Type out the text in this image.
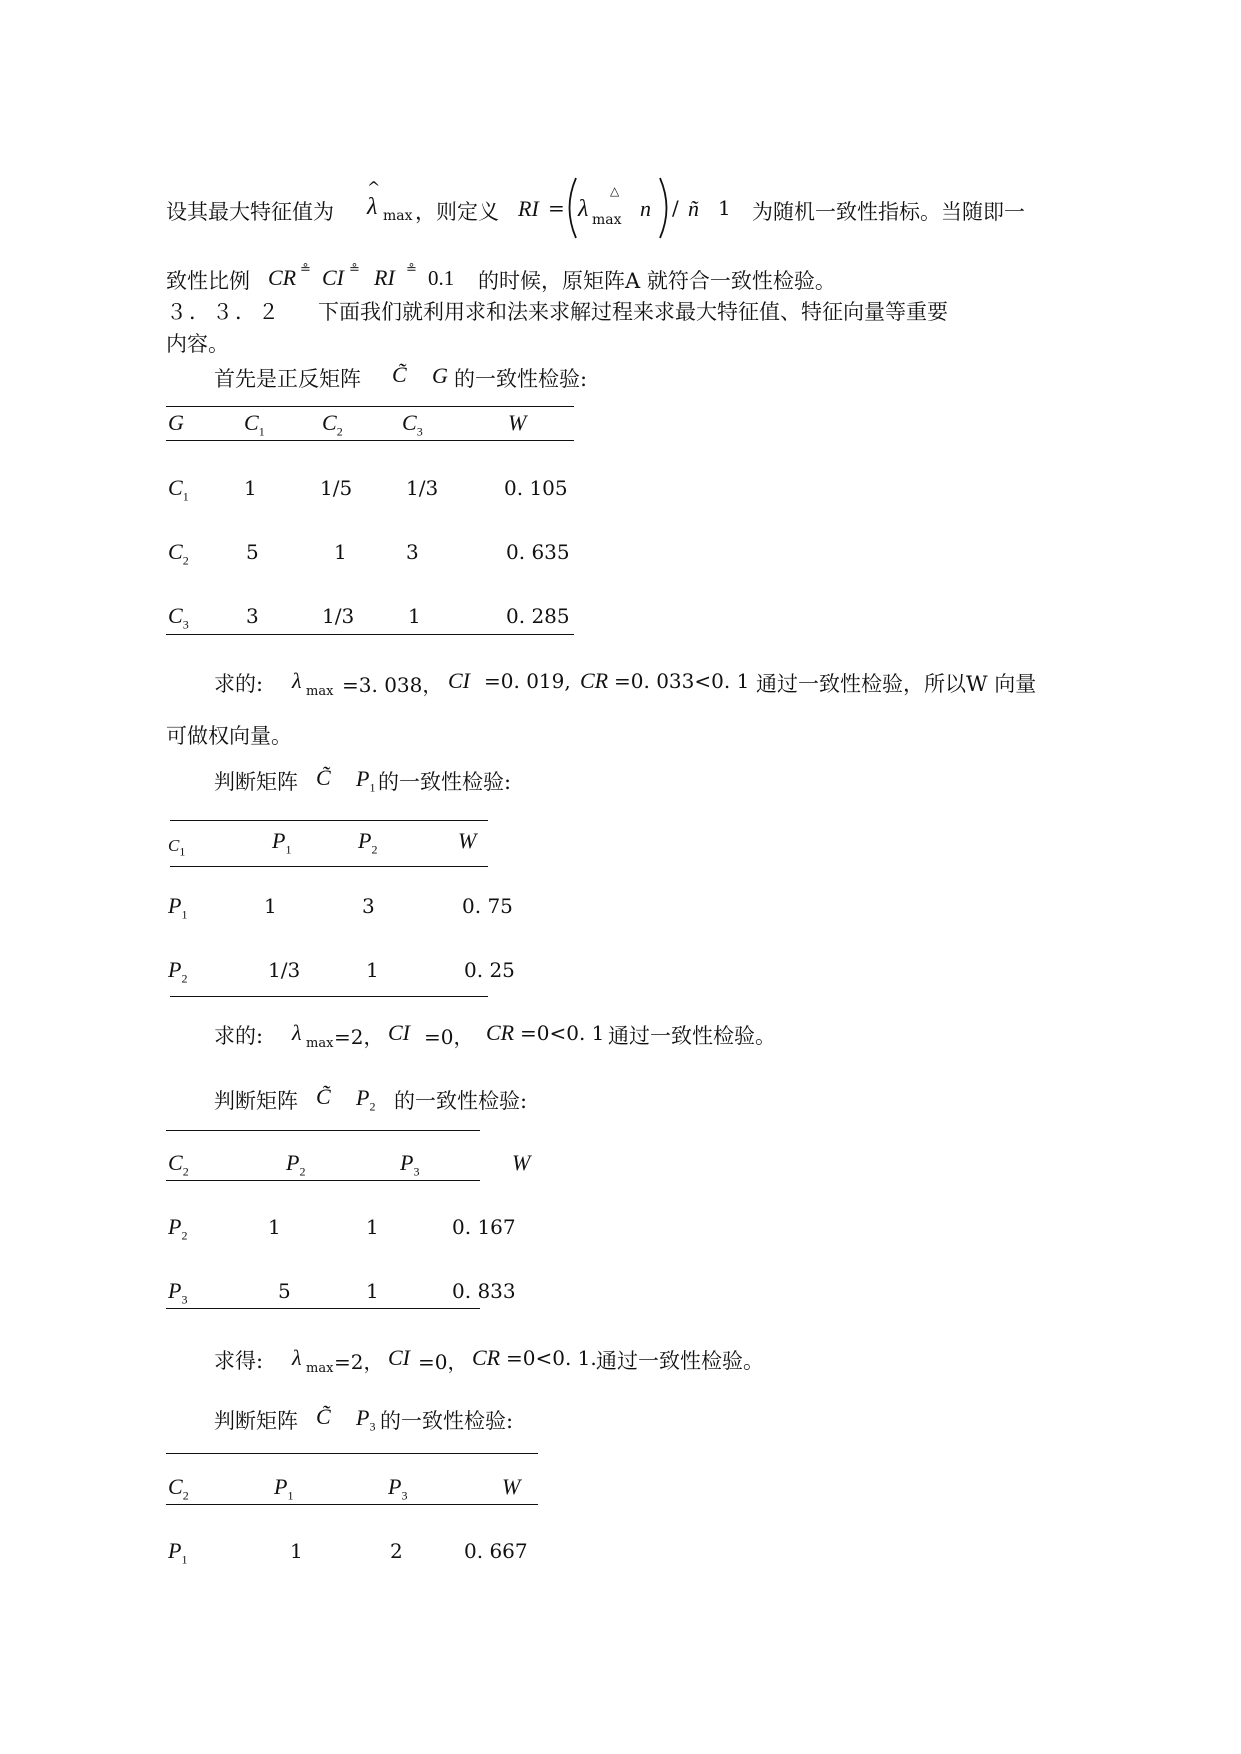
设其最大特征值为
^
λ max ，则定义 RI = λ max
△
n / ñ 1 为随机一致性指标。当随即一
致性比例 CR ≗ CI ≗ RI ≗ 0.1 的时候，原矩阵A 就符合一致性检验。
３．３．２ 下面我们就利用求和法来求解过程来求最大特征值、特征向量等重要
内容。
首先是正反矩阵 C̃ G 的一致性检验:
G	$C_1$	$C_2$	$C_3$	W
$C_1$	1	1/5	1/3	0. 105
$C_2$	5	1	3	0. 635
$C_3$	3	1/3	1	0. 285
求的: λ max =3. 038， CI =0. 019, CR =0. 033<0. 1 通过一致性检验，所以W 向量
可做权向量。
判断矩阵 C̃ $P_1$ 的一致性检验:
$C_1$	$P_1$	$P_2$	W
$P_1$	1	3	0. 75
$P_2$	1/3	1	0. 25
求的: λ max =2， CI =0， CR =0<0. 1 通过一致性检验。
判断矩阵 C̃ $P_2$ 的一致性检验:
$C_2$	$P_2$	$P_3$	W
$P_2$	1	1	0. 167
$P_3$	5	1	0. 833
求得: λ max =2， CI =0， CR =0<0. 1. 通过一致性检验。
判断矩阵 C̃ $P_3$ 的一致性检验:
$C_2$	$P_1$	$P_3$	W
$P_1$	1	2	0. 667
